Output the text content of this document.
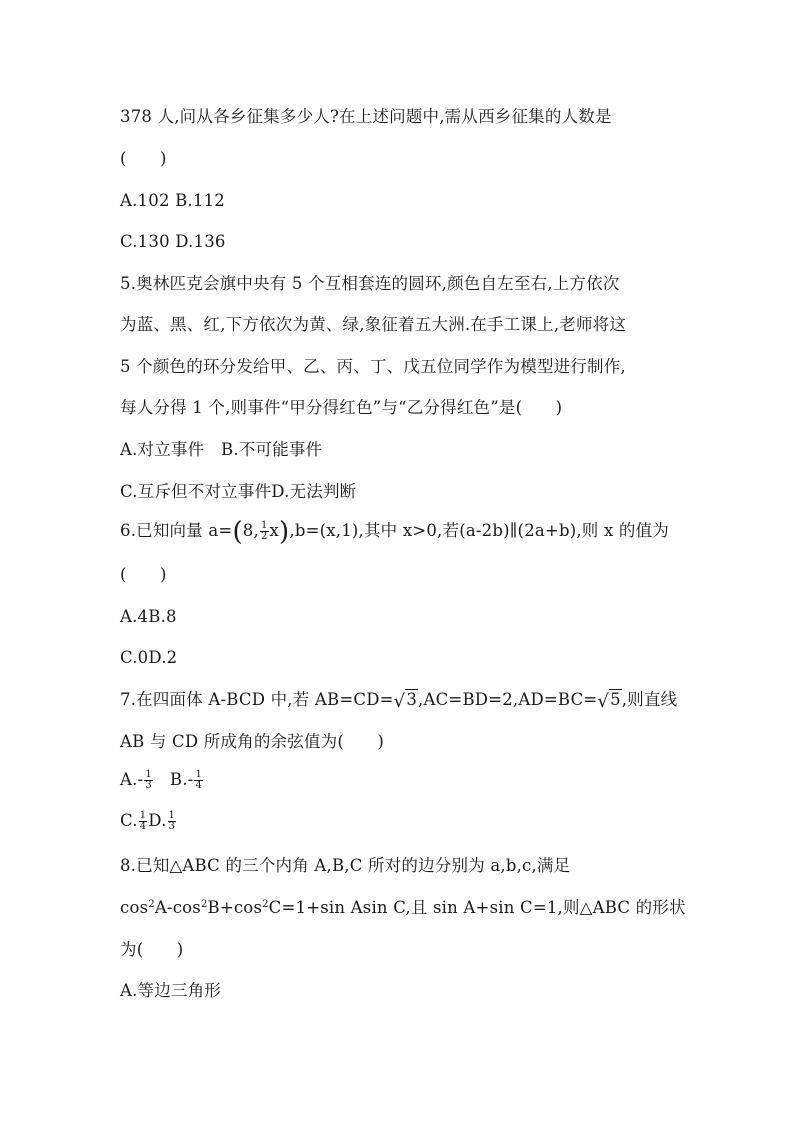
378 人,问从各乡征集多少人?在上述问题中,需从西乡征集的人数是
(　　)
A.102 B.112
C.130 D.136
5.奥林匹克会旗中央有 5 个互相套连的圆环,颜色自左至右,上方依次
为蓝、黑、红,下方依次为黄、绿,象征着五大洲.在手工课上,老师将这
5 个颜色的环分发给甲、乙、丙、丁、戊五位同学作为模型进行制作,
每人分得 1 个,则事件“甲分得红色”与“乙分得红色”是(　　)
A.对立事件　B.不可能事件
C.互斥但不对立事件D.无法判断
6.已知向量 a=(8, $\frac{1}{2} x),b=(x,1)$,其中 x>0,若(a-2b)∥(2a+b),则 x 的值为
(　　)
A.4B.8
C.0D.2
7.在四面体 A-BCD 中,若 AB=CD=√3,AC=BD=2,AD=BC=√5,则直线
AB 与 CD 所成角的余弦值为(　　)
$A.- \frac{1}{3} B.- \frac{1}{4}$
C. $\frac{1}{4} D$. $\frac{1}{3}$
8.已知△ABC 的三个内角 A,B,C 所对的边分别为 a,b,c,满足
$\cos^2A-\cos^2B+\cos^2C=1+\sin$ Asin C,且 sin A+sin C=1,则△ABC 的形状
为(　　)
A.等边三角形
